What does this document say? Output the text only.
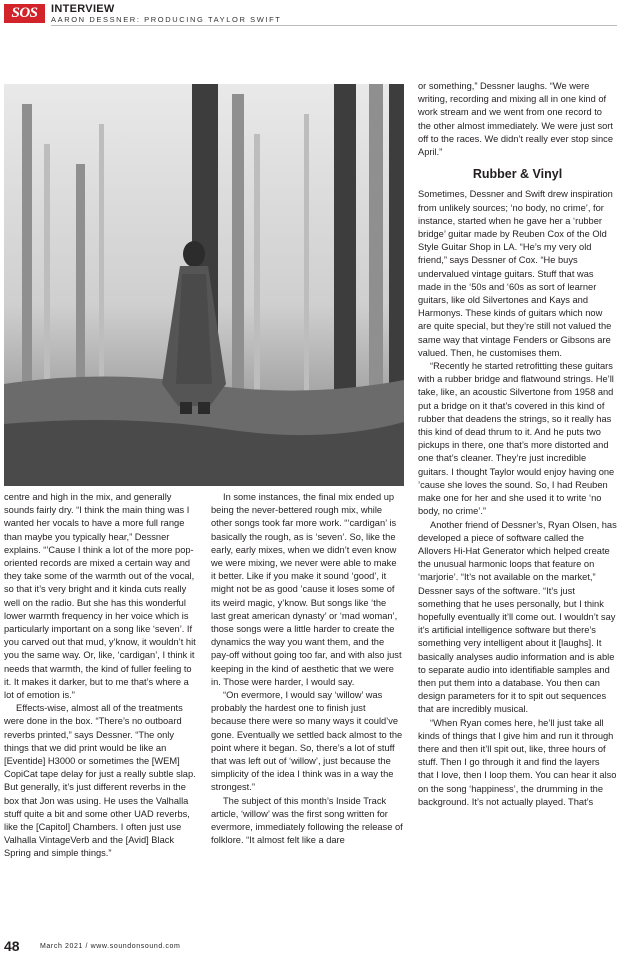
SOS	INTERVIEW
AARON DESSNER: PRODUCING TAYLOR SWIFT

centre and high in the mix, and generally sounds fairly dry. “I think the main thing was I wanted her vocals to have a more full range than maybe you typically hear,” Dessner explains. “’Cause I think a lot of the more pop-oriented records are mixed a certain way and they take some of the warmth out of the vocal, so that it’s very bright and it kinda cuts really well on the radio. But she has this wonderful lower warmth frequency in her voice which is particularly important on a song like ‘seven’. If you carved out that mud, y’know, it wouldn’t hit you the same way. Or, like, ‘cardigan’, I think it needs that warmth, the kind of fuller feeling to it. It makes it darker, but to me that’s where a lot of emotion is.”

Effects-wise, almost all of the treatments were done in the box. “There’s no outboard reverbs printed,” says Dessner. “The only things that we did print would be like an [Eventide] H3000 or sometimes the [WEM] CopiCat tape delay for just a really subtle slap. But generally, it’s just different reverbs in the box that Jon was using. He uses the Valhalla stuff quite a bit and some other UAD reverbs, like the [Capitol] Chambers. I often just use Valhalla VintageVerb and the [Avid] Black Spring and simple things.”

In some instances, the final mix ended up being the never-bettered rough mix, while other songs took far more work. “‘cardigan’ is basically the rough, as is ‘seven’. So, like the early, early mixes, when we didn’t even know we were mixing, we never were able to make it better. Like if you make it sound ‘good’, it might not be as good ’cause it loses some of its weird magic, y’know. But songs like ‘the last great american dynasty’ or ‘mad woman’, those songs were a little harder to create the dynamics the way you want them, and the pay-off without going too far, and with also just keeping in the kind of aesthetic that we were in. Those were harder, I would say.

“On evermore, I would say ‘willow’ was probably the hardest one to finish just because there were so many ways it could’ve gone. Eventually we settled back almost to the point where it began. So, there’s a lot of stuff that was left out of ‘willow’, just because the simplicity of the idea I think was in a way the strongest.”

The subject of this month’s Inside Track article, ‘willow’ was the first song written for evermore, immediately following the release of folklore. “It almost felt like a dare

or something,” Dessner laughs. “We were writing, recording and mixing all in one kind of work stream and we went from one record to the other almost immediately. We were just sort off to the races. We didn’t really ever stop since April.”

Rubber & Vinyl

Sometimes, Dessner and Swift drew inspiration from unlikely sources; ‘no body, no crime’, for instance, started when he gave her a ‘rubber bridge’ guitar made by Reuben Cox of the Old Style Guitar Shop in LA. “He’s my very old friend,” says Dessner of Cox. “He buys undervalued vintage guitars. Stuff that was made in the ‘50s and ‘60s as sort of learner guitars, like old Silvertones and Kays and Harmonys. These kinds of guitars which now are quite special, but they’re still not valued the same way that vintage Fenders or Gibsons are valued. Then, he customises them.

“Recently he started retrofitting these guitars with a rubber bridge and flatwound strings. He’ll take, like, an acoustic Silvertone from 1958 and put a bridge on it that’s covered in this kind of rubber that deadens the strings, so it really has this kind of dead thrum to it. And he puts two pickups in there, one that’s more distorted and one that’s cleaner. They’re just incredible guitars. I thought Taylor would enjoy having one ’cause she loves the sound. So, I had Reuben make one for her and she used it to write ‘no body, no crime’.”

Another friend of Dessner’s, Ryan Olsen, has developed a piece of software called the Allovers Hi-Hat Generator which helped create the unusual harmonic loops that feature on ‘marjorie’. “It’s not available on the market,” Dessner says of the software. “It’s just something that he uses personally, but I think hopefully eventually it’ll come out. I wouldn’t say it’s artificial intelligence software but there’s something very intelligent about it [laughs]. It basically analyses audio information and is able to separate audio into identifiable samples and then put them into a database. You then can design parameters for it to spit out sequences that are incredibly musical.

“When Ryan comes here, he’ll just take all kinds of things that I give him and run it through there and then it’ll spit out, like, three hours of stuff. Then I go through it and find the layers that I love, then I loop them. You can hear it also on the song ‘happiness’, the drumming in the background. It’s not actually played. That’s

48	March 2021 / www.soundonsound.com
